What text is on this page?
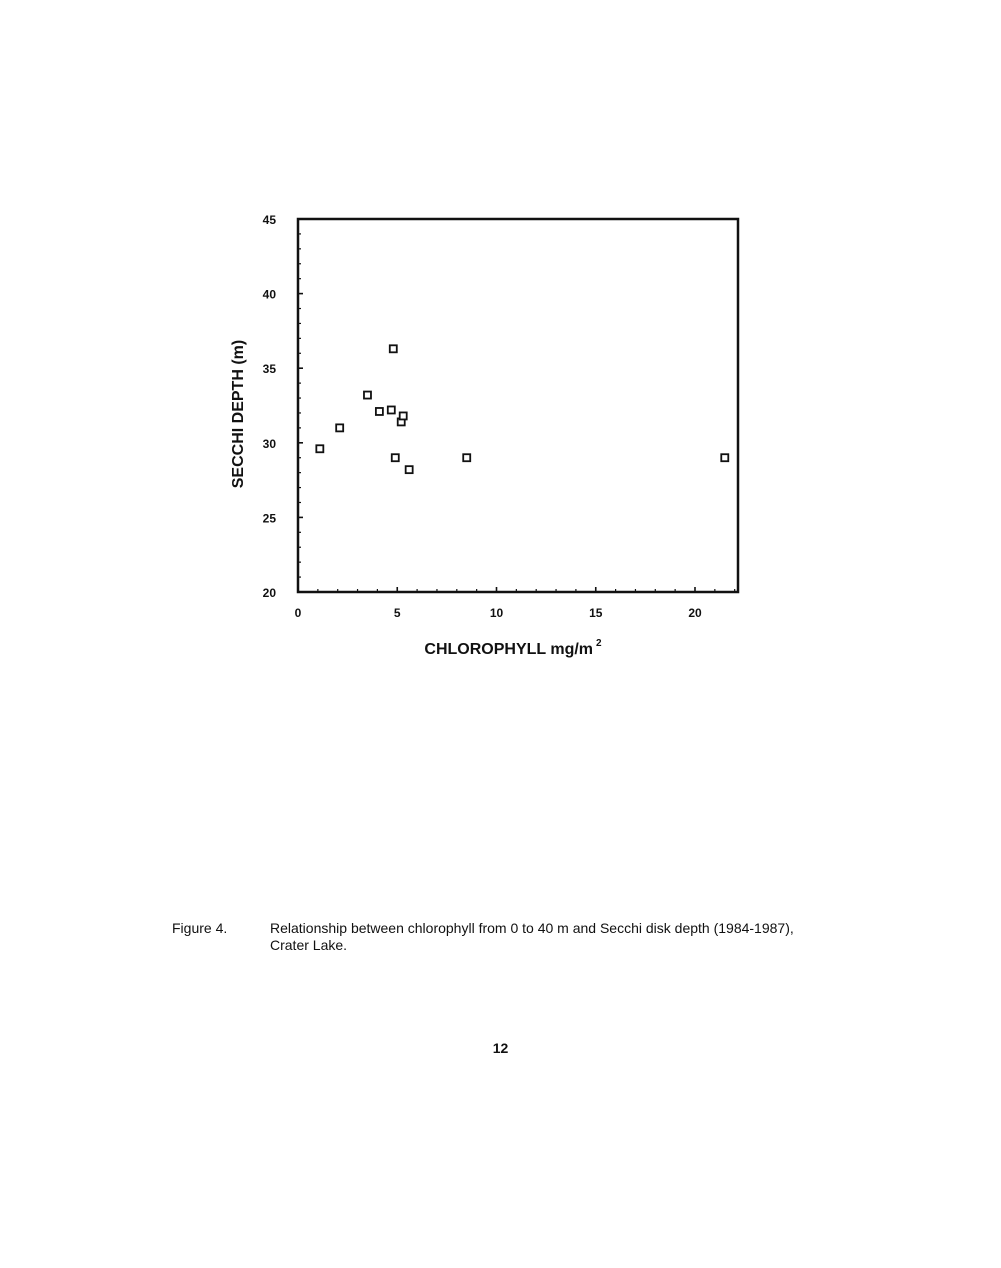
0	5	10	15	20
20
25
30
35
40
45
CHLOROPHYLL mg/m $^2$
SECCHI DEPTH (m)
Figure 4.	Relationship between chlorophyll from 0 to 40 m and Secchi disk depth (1984-1987), Crater Lake.
12
